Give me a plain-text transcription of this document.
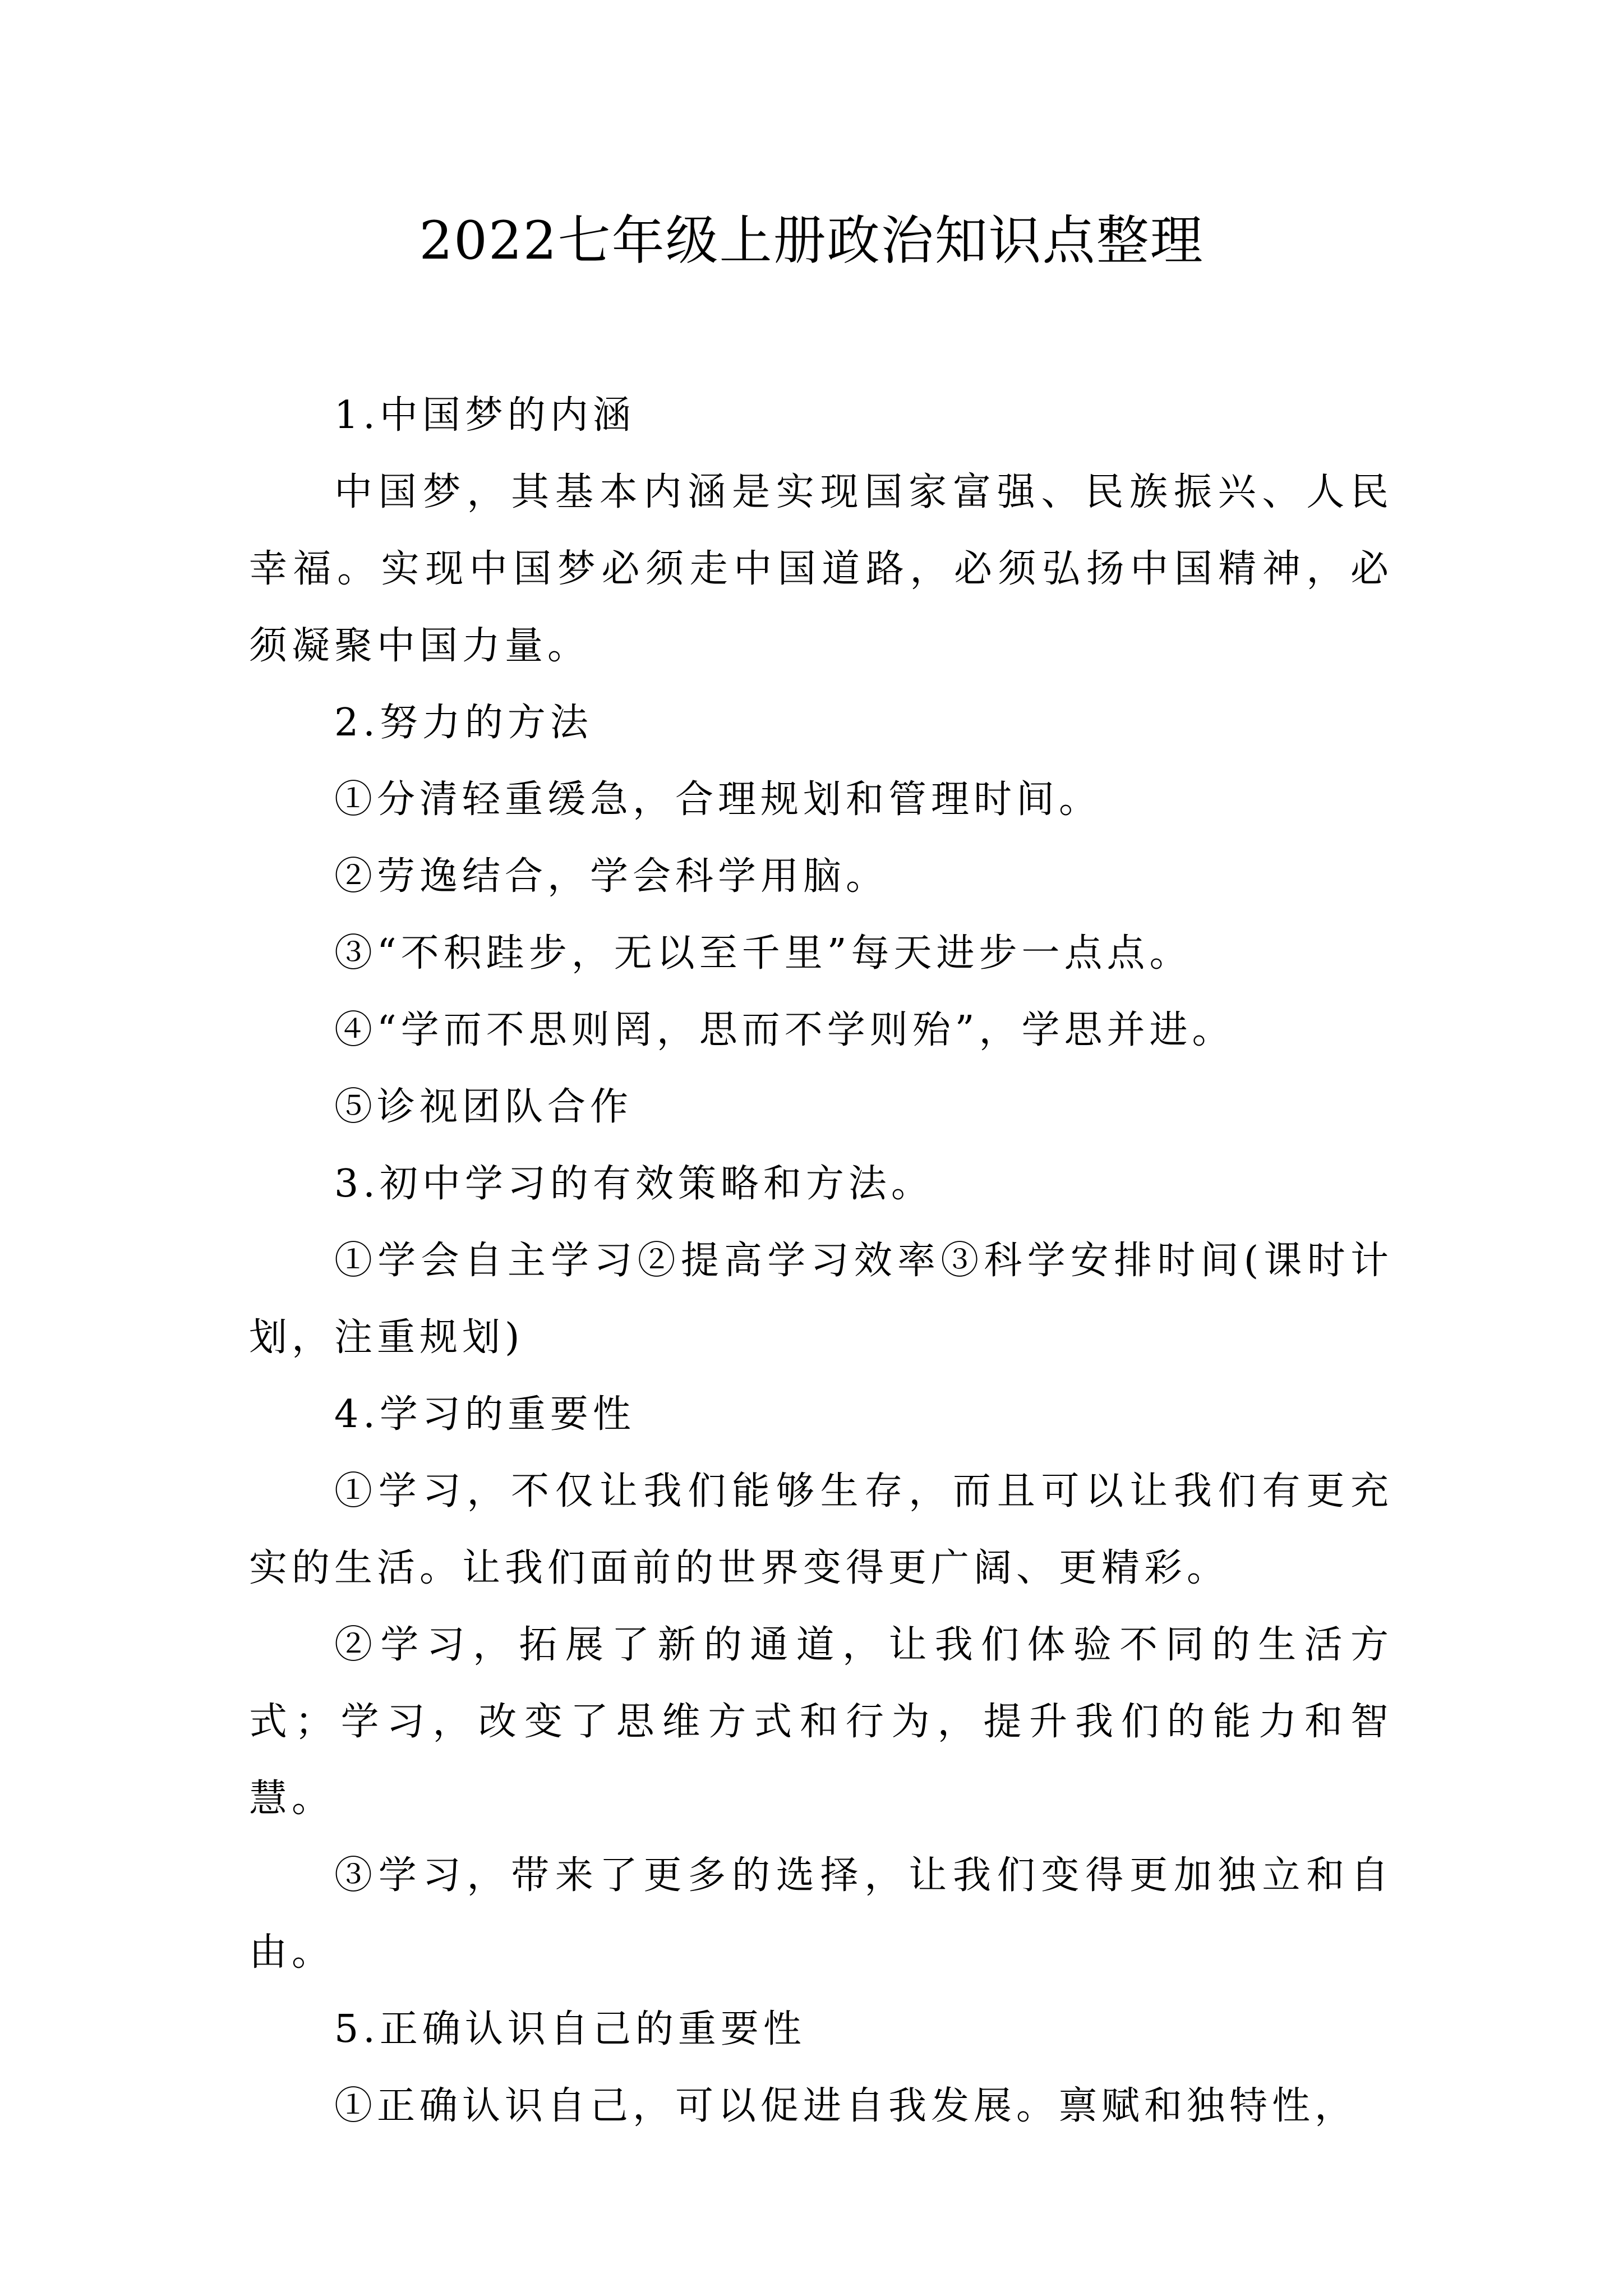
2022七年级上册政治知识点整理

1.中国梦的内涵

中国梦，其基本内涵是实现国家富强、民族振兴、人民幸福。实现中国梦必须走中国道路，必须弘扬中国精神，必须凝聚中国力量。

2.努力的方法

①分清轻重缓急，合理规划和管理时间。

②劳逸结合，学会科学用脑。

③“不积跬步，无以至千里”每天进步一点点。

④“学而不思则罔，思而不学则殆”，学思并进。

⑤诊视团队合作

3.初中学习的有效策略和方法。

①学会自主学习②提高学习效率③科学安排时间(课时计划，注重规划)

4.学习的重要性

①学习，不仅让我们能够生存，而且可以让我们有更充实的生活。让我们面前的世界变得更广阔、更精彩。

②学习，拓展了新的通道，让我们体验不同的生活方式；学习，改变了思维方式和行为，提升我们的能力和智慧。

③学习，带来了更多的选择，让我们变得更加独立和自由。

5.正确认识自己的重要性

①正确认识自己，可以促进自我发展。禀赋和独特性，
